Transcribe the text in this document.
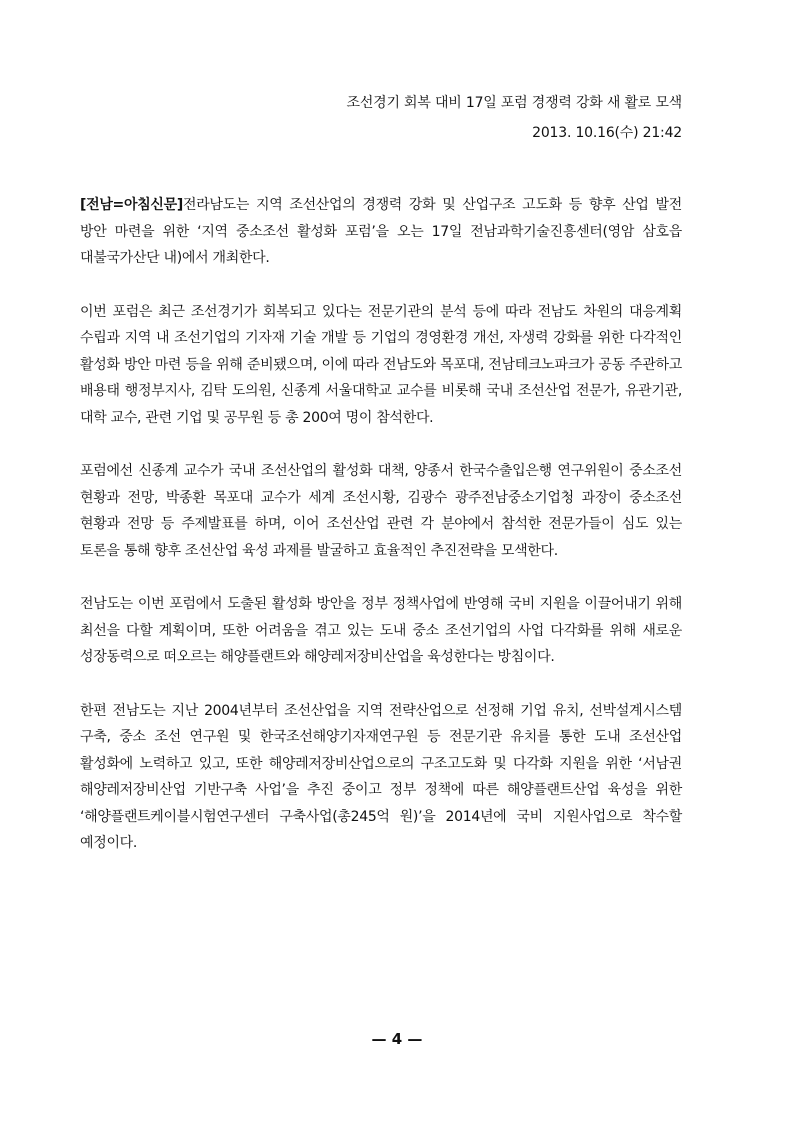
조선경기 회복 대비 17일 포럼 경쟁력 강화 새 활로 모색
2013. 10.16(수) 21:42

[전남=아침신문]전라남도는 지역 조선산업의 경쟁력 강화 및 산업구조 고도화 등 향후 산업 발전 방안 마련을 위한 ‘지역 중소조선 활성화 포럼’을 오는 17일 전남과학기술진흥센터(영암 삼호읍 대불국가산단 내)에서 개최한다.

이번 포럼은 최근 조선경기가 회복되고 있다는 전문기관의 분석 등에 따라 전남도 차원의 대응계획 수립과 지역 내 조선기업의 기자재 기술 개발 등 기업의 경영환경 개선, 자생력 강화를 위한 다각적인 활성화 방안 마련 등을 위해 준비됐으며, 이에 따라 전남도와 목포대, 전남테크노파크가 공동 주관하고 배용태 행정부지사, 김탁 도의원, 신종계 서울대학교 교수를 비롯해 국내 조선산업 전문가, 유관기관, 대학 교수, 관련 기업 및 공무원 등 총 200여 명이 참석한다.

포럼에선 신종계 교수가 국내 조선산업의 활성화 대책, 양종서 한국수출입은행 연구위원이 중소조선 현황과 전망, 박종환 목포대 교수가 세계 조선시황, 김광수 광주전남중소기업청 과장이 중소조선 현황과 전망 등 주제발표를 하며, 이어 조선산업 관련 각 분야에서 참석한 전문가들이 심도 있는 토론을 통해 향후 조선산업 육성 과제를 발굴하고 효율적인 추진전략을 모색한다.

전남도는 이번 포럼에서 도출된 활성화 방안을 정부 정책사업에 반영해 국비 지원을 이끌어내기 위해 최선을 다할 계획이며, 또한 어려움을 겪고 있는 도내 중소 조선기업의 사업 다각화를 위해 새로운 성장동력으로 떠오르는 해양플랜트와 해양레저장비산업을 육성한다는 방침이다.

한편 전남도는 지난 2004년부터 조선산업을 지역 전략산업으로 선정해 기업 유치, 선박설계시스템 구축, 중소 조선 연구원 및 한국조선해양기자재연구원 등 전문기관 유치를 통한 도내 조선산업 활성화에 노력하고 있고, 또한 해양레저장비산업으로의 구조고도화 및 다각화 지원을 위한 ‘서남권 해양레저장비산업 기반구축 사업’을 추진 중이고 정부 정책에 따른 해양플랜트산업 육성을 위한 ‘해양플랜트케이블시험연구센터 구축사업(총245억 원)’을 2014년에 국비 지원사업으로 착수할 예정이다.

— 4 —
